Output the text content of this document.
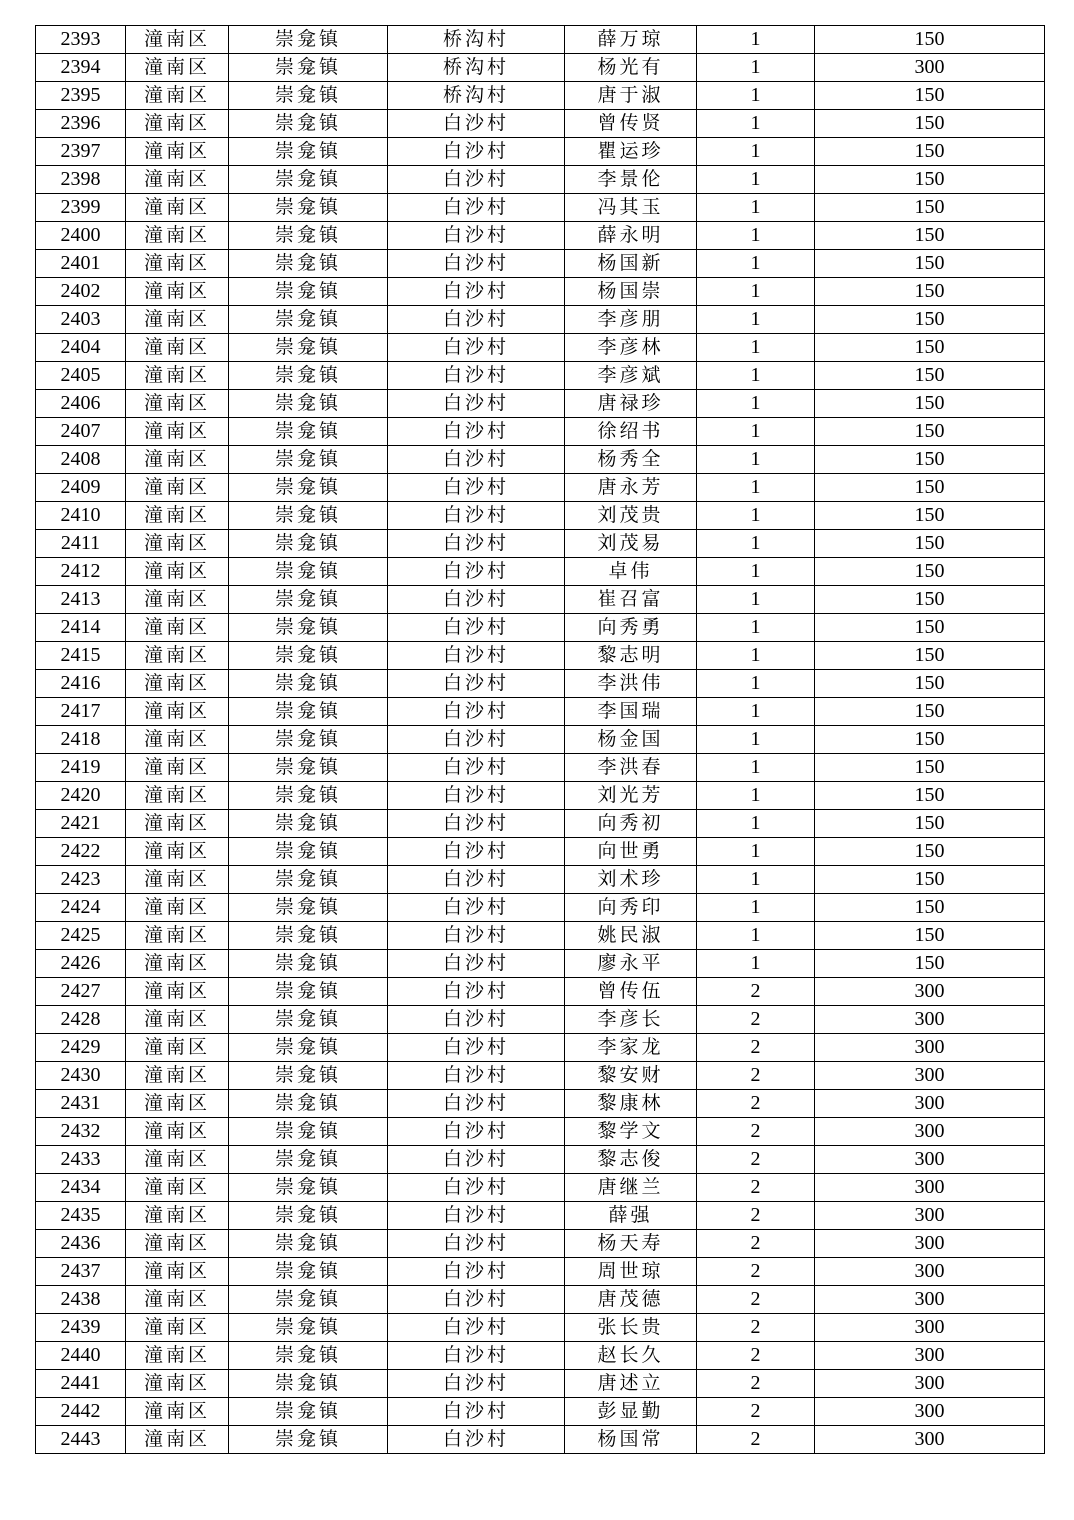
2393	潼南区	崇龛镇	桥沟村	薛万琼	1	150
2394	潼南区	崇龛镇	桥沟村	杨光有	1	300
2395	潼南区	崇龛镇	桥沟村	唐于淑	1	150
2396	潼南区	崇龛镇	白沙村	曾传贤	1	150
2397	潼南区	崇龛镇	白沙村	瞿运珍	1	150
2398	潼南区	崇龛镇	白沙村	李景伦	1	150
2399	潼南区	崇龛镇	白沙村	冯其玉	1	150
2400	潼南区	崇龛镇	白沙村	薛永明	1	150
2401	潼南区	崇龛镇	白沙村	杨国新	1	150
2402	潼南区	崇龛镇	白沙村	杨国崇	1	150
2403	潼南区	崇龛镇	白沙村	李彦朋	1	150
2404	潼南区	崇龛镇	白沙村	李彦林	1	150
2405	潼南区	崇龛镇	白沙村	李彦斌	1	150
2406	潼南区	崇龛镇	白沙村	唐禄珍	1	150
2407	潼南区	崇龛镇	白沙村	徐绍书	1	150
2408	潼南区	崇龛镇	白沙村	杨秀全	1	150
2409	潼南区	崇龛镇	白沙村	唐永芳	1	150
2410	潼南区	崇龛镇	白沙村	刘茂贵	1	150
2411	潼南区	崇龛镇	白沙村	刘茂易	1	150
2412	潼南区	崇龛镇	白沙村	卓伟	1	150
2413	潼南区	崇龛镇	白沙村	崔召富	1	150
2414	潼南区	崇龛镇	白沙村	向秀勇	1	150
2415	潼南区	崇龛镇	白沙村	黎志明	1	150
2416	潼南区	崇龛镇	白沙村	李洪伟	1	150
2417	潼南区	崇龛镇	白沙村	李国瑞	1	150
2418	潼南区	崇龛镇	白沙村	杨金国	1	150
2419	潼南区	崇龛镇	白沙村	李洪春	1	150
2420	潼南区	崇龛镇	白沙村	刘光芳	1	150
2421	潼南区	崇龛镇	白沙村	向秀初	1	150
2422	潼南区	崇龛镇	白沙村	向世勇	1	150
2423	潼南区	崇龛镇	白沙村	刘术珍	1	150
2424	潼南区	崇龛镇	白沙村	向秀印	1	150
2425	潼南区	崇龛镇	白沙村	姚民淑	1	150
2426	潼南区	崇龛镇	白沙村	廖永平	1	150
2427	潼南区	崇龛镇	白沙村	曾传伍	2	300
2428	潼南区	崇龛镇	白沙村	李彦长	2	300
2429	潼南区	崇龛镇	白沙村	李家龙	2	300
2430	潼南区	崇龛镇	白沙村	黎安财	2	300
2431	潼南区	崇龛镇	白沙村	黎康林	2	300
2432	潼南区	崇龛镇	白沙村	黎学文	2	300
2433	潼南区	崇龛镇	白沙村	黎志俊	2	300
2434	潼南区	崇龛镇	白沙村	唐继兰	2	300
2435	潼南区	崇龛镇	白沙村	薛强	2	300
2436	潼南区	崇龛镇	白沙村	杨天寿	2	300
2437	潼南区	崇龛镇	白沙村	周世琼	2	300
2438	潼南区	崇龛镇	白沙村	唐茂德	2	300
2439	潼南区	崇龛镇	白沙村	张长贵	2	300
2440	潼南区	崇龛镇	白沙村	赵长久	2	300
2441	潼南区	崇龛镇	白沙村	唐述立	2	300
2442	潼南区	崇龛镇	白沙村	彭显勤	2	300
2443	潼南区	崇龛镇	白沙村	杨国常	2	300
